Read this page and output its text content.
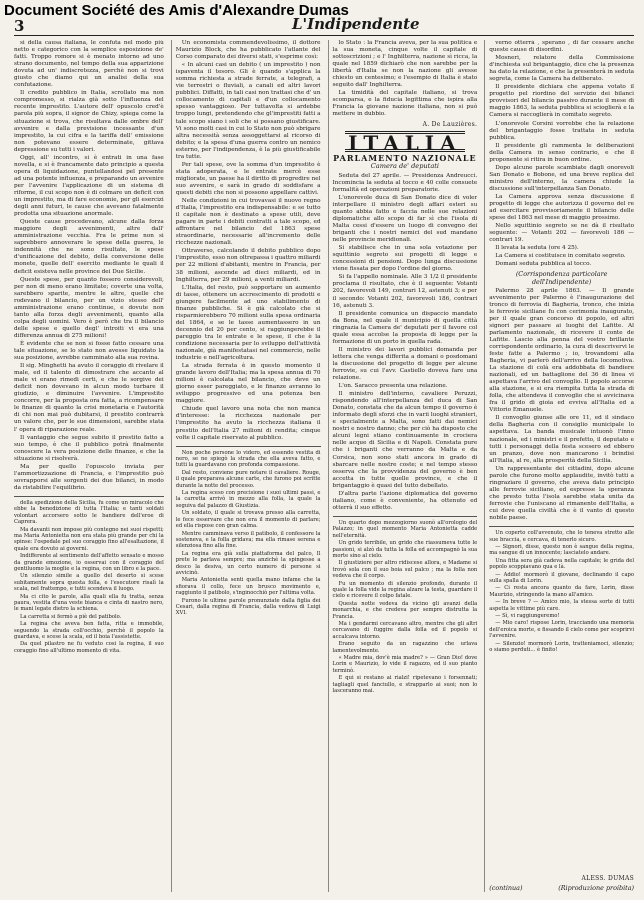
Document Société des Amis d'Alexandre Dumas
3	L'Indipendente

si della causa italiana, le confuta nel modo più netto e categorico con la semplice esposizione de' fatti. Troppo romore si è menato intorno ad uno strano documento, nel tempo della sua apparizione dovuta ad un' indiscretezza, perchè non si trovi giusto che diamo qui un analisi della sua confutazione.

Il credito pubblico in Italia, scrollato ma non compromesso, si rialza già sotto l'influenza del recente imprestito. L'autore dell' opuscolo cred'è parola più sopra, il signor de Chizy, spiega come la situazione si trova, che risultava dalle ombre dell' avvenire e dalla previsione incessante d'un imprestito, la cui cifra e la tariffa dell' emissione non potevano essere determinate, gittava depressione su tutti i valori.

Oggi, all' incontro, si è entrati in una fase novella, e si è francamente dato principio a questa opera di liquidazione, puntellandosi pel presente ad una potente influenza, e preparando un avvenire per l'avvenire l'applicazione di un sistema di riforme, il cui scopo non è di colmare un deficit con un imprestito, ma di fare economie, per gli esercizi degli anni futuri, le cause che avevano fatalmente prodotta una situazione anormale.

Queste cause procedevano, alcune dalla forza maggiore degli avvenimenti, altre dall' amministrazione vecchia. Fra le prime non si saprebbero annoverare le spese della guerra, le indennità che ne sono risultate, le spese d'unificazione del debito, della conversione delle monete, quelle dell' esercito mediante le quali il deficit esisteva nelle province dei Due Sicilie.

Queste spese, per quanto fossero considerevoli, per non di meno erano limitate; coverte una volta, sarebbero sparite, mentre le altre, quelle che rodevano il bilancio, per un vizio stesso dell' amministrazione erano continue, e dovute non tanto alla forza degli avvenimenti, quanto alla colpa degli uomini. Vero è però che tra il bilancio delle spese e quello degl' introiti vi era una differenza annua di 275 milioni!

È evidente che se non si fosse fatto cessare una tale situazione, se lo stato non avesse liquidato la sua posizione, avrebbe camminato alla sua rovina.

Il sig. Minghetti ha avuto il coraggio di rivelare il male, ed il talento di dimostrare che accanto al male vi erano rimedi certi, e che le sorgive dei deficit non dovevano in alcun modo turbare il giudizio, e diminuire l'avvenire. L'imprestito concorre, per la proposta ora fatta, a ricompensare le finanze di quanto la crisi monetaria e l'autorità di chi non mai può dubitarsi, il prestito contrarrà un valore che, per le sue dimensioni, sarebbe stata l' opera di riparazione reale.

Il vantaggio che segue subito il prestito fatto a suo tempo, è che il pubblico potrà finalmente conoscere la vera posizione delle finanze, e che la situazione si risolverà.

Ma per quello l'opuscolo inviata per l'ammortizzazione di Francia, e l'imprestito può sovrapporsi alle sorgenti dei due bilanci, in modo da ristabilire l'equilibrio.

della spedizione della Sicilia, fu come un miracolo che ebbe la benedizione di tutta l'Italia; e tanti soldati volontari accorsero sotto le bandiere dell'eroe di Caprera.

Ma davanti non impose più contegno nei suoi rispetti; ma Maria Antonietta non era stata più grande per chi la spinse: l'ospedale pel suo coraggio fino all'esaltazione, il quale era dovuto ai governi.

Indifferente al sentimento dell'affetto sensato e mosso da grande emozione, io osservai con il coraggio del gentiluomo la moglie e la regina, con un libro e la pace.

Un silenzio simile a quello del deserto si scese subitamente sopra questa folla, e l'esecutore risalì la scala, nel frattempo, e tutti scendeva il luogo.

Ma ci cito le parole, alla quali ella fu tratta, senza paura, vestita d'una veste bianca e cinta di nastro nero, le mani legate dietro la schiena.

La carretta si fermò a piè del patibolo.

La regina che aveva ben fatta, ritta e immobile, seguendo la strada coll'occhio, perchè il popolo la guardava, e scese la scala, ed il boia l'assistette.

Da quel pilastro ne fu veduto cosi la regina, il suo coraggio fino all'ultimo momento di vita.

Un economista commendevolissimo, il dottore Maurizio Block, che ha pubblicato l'atlante del Corso comparato dei diversi stati, s'esprime così:

« In alcuni casi un debito ( un imprestito ) non ispaventa il tesoro. Gli è quando s'applica la somma richiesta a strade ferrate, a telegrafi, a vie terrestri o fluviali, a canali ed altri lavori pubblici. Diffatti, in tali casi non trattasi che d' un collocamento di capitali e d'un collocamento spesso vantaggioso. Per tuttavolta si ardebbe troppo lungi, pretendendo che gl'imprestiti fatti a tale scopo siano i soli che si possano giustificare. Vi sono molti casi in cui lo Stato non può sbrigare altra necessità senza assoggettarsi al ricorso di debito; e la spesa d'una guerra contro un nemico esterno, per l'indipendenza, è la più giustificabile tra tutte.

Per tali spese, ove la somma d'un imprestito è stata adoperata, e le entrate mercè esse migliorate, un paese ha il diritto di progredire nel suo avvenire, e sarà in grado di soddisfare a questi debiti che non si possono appellare cattivi.

Nelle condizioni in cui trovavasi il nuovo regno d'Italia, l'imprestito era indispensabile: e se tutto il capitale non è destinato a spese utili, deve pagare in parte i debiti contratti a tale scopo, ed affrontare nel bilancio del 1863 spese straordinarie, necessarie all'incremento delle ricchezze nazionali.

Ottraverso, calcolando il debito pubblico dopo l'imprestito, esso non oltrepassa i quattro miliardi per 22 milioni d'abitanti, mentre in Francia, per 38 milioni, ascende ad dieci miliardi, ed in Inghilterra, per 29 milioni, a venti miliardi.

L'Italia, del resto, può sopportare un aumento di tasse, ottenere un accrescimento di prodotti e giungere facilmente ad uno stabilimento di finanze pubbliche. Si è già calcolato che si risparmierebbero 70 milioni sulla spesa ordinaria del 1864, e se le tasse aumentassero in un decennio del 20 per cento, si raggiungerebbe il pareggio tra le entrate e le spese, il che è la condizione necessaria per lo sviluppo dell'attività nazionale, già manifestatasi nel commercio, nelle industrie e nell'agricoltura.

La strada ferrata è in questo momento il grande lavoro dell'Italia; ma la spesa annua di 70 milioni è calcolata nel bilancio, che deve un giorno esser pareggiato, e le finanze avranno lo sviluppo progressivo ed una potenza ben maggiore.

Chiude quel lavoro una nota che non manca d'interesse: la ricchezza nazionale per l'imprestito ha avuto la ricchezza italiana il prestito dell'Italia 27 milioni di rendita; cinque volte il capitale riservato al pubblico.

Non poche persone lo videro, ed essendo vestita di nero, se ne spiegò la strada che ella aveva fatto, e tutti la guardavano con profonda compassione.

Dal resto, conviene pure notare il cavaliere. Rouge, il quale preparava alcune carte, che furono poi scritte durante la notte del processo.

La regina sceso con precisione i suoi ultimi passi, e la carretta arrivò in mezzo alla folla, la quale la seguiva dal palazzo di Giustizia.

Un soldato, il quale si trovava presso alla carretta, le fece osservare che non era il momento di parlare; ed ella rispose con gran calma.

Mentre camminava verso il patibolo, il confessore la sosteneva, e la folla gridava; ma ella rimase serena e silenziosa fino alla fine.

La regina era già sulla piattaforma del palco, Il prete le parlava sempre; ma anzichè la spingesse a desco la desiva, un certo numero di persone si avvicinò.

Maria Antonietta senti quella mano infame che la sfiorava il collo, fece un brusco movimento e, raggiunto il patibolo, s'inginocchiò per l'ultima volta.

Furono le ultime parole pronunziate dalla figlia dei Cesari, dalla regina di Francia, dalla vedova di Luigi XVI.

lo Stato : la Francia aveva, per la sua politica e la sua moneta, cinque volte il capitale di sottoscrizioni ; e l' Inghilterra, nazione sì ricca, la quale nel 1859 dichiarò che non sarebbe per la libertà d'Italia se non la nazione gli avesse chiesto un centesimo; e l'esempio di Italia è stato seguito dall' Inghilterra.

La timidità del capitale italiano, si trova scomparsa, e la fiducia legittima che ispira alla Francia la giovane nazione italiana, non si può mettere in dubbio.

A. De Lauzières.
ITALIA
PARLAMENTO NAZIONALE
Camera de' deputati

Seduta del 27 aprile. — Presidenza Andreucci. Incomincia la seduta al tocco e 40 colle consuete formalità ed operazioni preparatorie.

L'onorevole duca di San Donato dice di voler interpellare il ministro degli affari esteri su quanto abbia fatto e faccia nelle sue relazioni diplomatiche allo scopo di far sì che l'isola di Malta cessi d'essere un luogo di convegno dei briganti che i nostri nemici del sud mandano nelle provincie meridionali.

Si stabilisce che in una sola votazione per squittinio segreto sui progetti di legge e concessioni di pensioni. Dopo lunga discussione viene fissata per dopo l'ordine del giorno.

Si fa l'appello nominale. Alle 3 1/2 il presidente proclama il risultato, che è il seguente: Votanti 202, favorevoli 149, contrari 12, astenuti 3; e per il secondo: Votanti 202, favorevoli 186, contrari 16, astenuti 3.

Il presidente comunica un dispaccio mandato da Bona, nel quale il municipio di quella città ringrazia la Camera de' deputati per il favore col quale essa accolse la proposta di legge per la formazione di un porto in quella rada.

Il ministro dei lavori pubblici domanda per lettera che venga differita a domani o posdomani la discussione del progetto di legge per alcune ferrovie, su cui l'avv. Castiello doveva fare una relazione.

L'on. Saracco presenta una relazione.

Il ministro dell'interno, cavaliere Peruzzi, rispondendo all'interpellanza del duca di San Donato, constata che da alcun tempo il governo è informato degli sforzi che in varii luoghi stranieri, e specialmente a Malta, sono fatti dai nemici nostri e nostro danno; che per ciò ha disposto che alcuni legni stiano continuamente in crociera nelle acque di Sicilia e di Napoli. Constata pure che i briganti che verranno da Malta e da Corsica, non sono stati ancora in grado di sbarcare nelle nostre coste; e nel tempo stesso osserva che la provvidenza del governo è ben accetta in tutte quelle province, e che il brigantaggio è quasi del tutto debellato.

D'altra parte l'azione diplomatica del governo italiano, come è conveniente, ha ottenuto ed otterrà il suo effetto.

Un quarto dopo mezzogiorno suonò all'orologio del Palazzo; in quel momento Maria Antonietta cadde nell'eternità.

Un grido terribile, un grido che riassumeva tutte le passioni, si alzò da tutta la folla ed accompagnò la sua morte sino al cielo.

Il giustiziere per altro ridiscese allora, e Madame si trovò sola con il suo boia sul palco ; ma la folla non vedeva che il corpo.

Fu un momento di silenzio profondo, durante il quale la folla vide la regina alzare la testa, guardare il cielo e ricevere il colpo fatale.

Questa notte vedeva da vicino gli avanzi della monarchia, e che credeva per sempre distrutta la Francia.

Ma i gendarmi cercavano altro, mentre che gli altri cercavano di fuggire dalla folla ed il popolo si accalcava intorno.

Erano seguito da un ragazzino che urlava lamentevolmente.

« Madre mia, dov'è mia madre? » — Gran Dio! dove Lorin e Maurizio, lo vide il ragazzo, ed il suo pianto terminò.

E qui si restano ai rialzi! ripetevano i forsennati; tagliagli quel fanciullo, e strapparlo ai suoi; non lo lasceranno mai.

verno otterrà , sperano , di far cessare anche queste cause di disordini.

Mosneri, relatore della Commissione d'inchiesta sul brigantaggio, dice che la presenza ha dato la relazione, e che la presenterà in seduta segreta, come la Camera ha deliberato.

Il presidente dichiara che appena votato il progetto pel riordino del servizio dei bilanci provvisori del bilancio passivo durante il mese di maggio 1863, la seduta pubblica si scioglierà e la Camera si raccoglierà in comitato segreto.

L'onorevole Corsini vorrebbe che la relazione del brigantaggio fosse trattata in seduta pubblica.

Il presidente gli rammenta le deliberazioni della Camera in senso contrario, e che il proponente si ritira in buon ordine.

Dopo alcune parole scambiate dagli onorevoli San Donato e Bobone, ed una breve replica del ministro dell'interno, la camera chiude la discussione sull'interpellanza San Donato.

La Camera approva senza discussione il progetto di legge che autorizza il governo del re ad esercitare provvisoriamente il bilancio delle spese del 1863 nel mese di maggio prossimo.

Nello squittinio segreto se ne dà il risultato seguente: — Votanti 202 — favorevoli 186 — contrari 19.

Il levata la seduta (ore 4 25).

La Camera si costituisce in comitato segreto.

Domani seduta pubblica al tocco.

(Corrispondenza particolare dell'Indipendente)

Palermo 28 aprile 1863. — Il grande avvenimento per Palermo è l'inaugurazione del tronco di ferrovia di Bagheria, tronco, che inizia le ferrovie siciliane fu con cerimonia inaugurato, per il quale gran concorso di popolo, ed altri signori per passare ai luoghi del Lafitte. Al parlamento nazionale, di ricevere il conte de Lafitte. Lascio alla penna del vostro brillante corrispondente ordinario, la cura di descrivervi le feste fatte a Palermo ; io, trovandomi alla Bagheria, vi parlerò dell'arrivo della locomotiva. La stazione di colà era addobbata di bandiere nazionali, ed un battaglione del 36 di linea vi aspettava l'arrivo del convoglio. Il popolo accorse alla stazione, e si era riempita tutta la strada di folla, che attendeva il convoglio che si avvicinava fra il grido di gioia ed evviva all'Italia ed a Vittorio Emanuele.

Il convoglio giunse alle ore 11, ed il sindaco della Bagheria con il consiglio municipale lo aspettava. La banda musicale intuonò l'inno nazionale, ed i ministri e il prefetto, il deputato e tutti i personaggi della festa scesero ed ebbero un pranzo, dove non mancarono i brindisi all'Italia, al re, alla prosperità della Sicilia.

Un rappresentante dei cittadini, dopo alcune parole che furono molto applaudite, invitò tutti a ringraziare il governo, che aveva dato principio alle ferrovie siciliane, ed espresse la speranza che presto tutta l'isola sarebbe stata unita da ferrovie che l'uniscano al rimanente dell'Italia, a cui deve quella civiltà che è il vanto di questo nobile paese.

Un coperto coll'avvenuto, che lo teneva stretto alle sue braccia, e cercava, di tenerlo sicuro.

— Signori, disse, questo non è sangue della regina, ma sangue di un innocente; lasciatelo andare.

Una fitta sera già cadeva nella capitale; le grida del popolo scoppiavano qua e là.

— Addio! mormorò il giovane, declinando il capo sulla spalla di Lorin.

— Ci resta ancora quanto da fare, Lorin, disse Maurizio, stringendo la mano all'amico.

— In breve ? — Amico mio, la stessa sorte di tutti aspetta le vittime più care.

— Sì, vi raggiungeremo!

— Mio caro! rispose Lorin, tracciando una memoria dell'eroica morte, e fissando il cielo come per scoprirvi l'avvenire.

— Silenzio! mormorò Lorin, tratteniamoci, silenzio; o siamo perduti... è finito!

ALESS. DUMAS
(continua)	(Riproduzione proibita)
